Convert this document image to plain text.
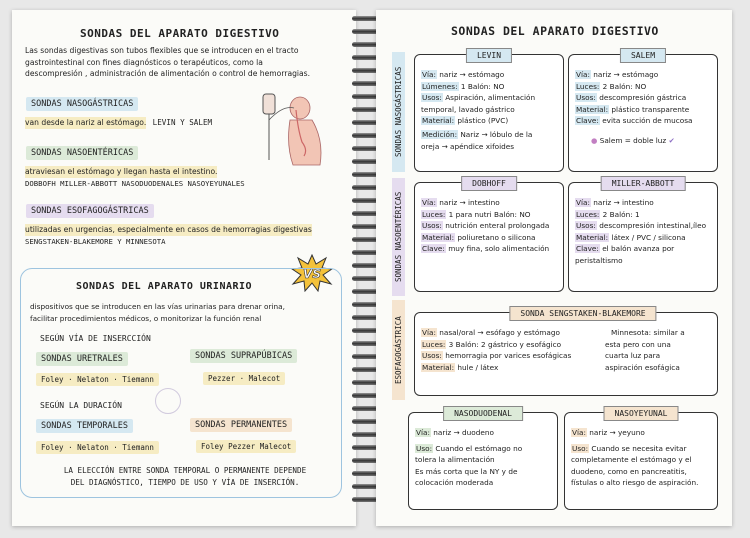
SONDAS DEL APARATO DIGESTIVO
Las sondas digestivas son tubos flexibles que se introducen en el tracto
gastrointestinal con fines diagnósticos o terapéuticos, como la
descompresión , administración de alimentación o control de hemorragias.
SONDAS NASOGÁSTRICAS
van desde la nariz al estómago. LEVIN Y SALEM
SONDAS NASOENTÉRICAS
atraviesan el estómago y llegan hasta el intestino.
DOBBOFH MILLER-ABBOTT NASODUODENALES NASOYEYUNALES
SONDAS ESOFAGOGÁSTRICAS
utilizadas en urgencias, especialmente en casos de hemorragias digestivas
SENGSTAKEN-BLAKEMORE Y MINNESOTA
VS
SONDAS DEL APARATO URINARIO
dispositivos que se introducen en las vías urinarias para drenar orina,
facilitar procedimientos médicos, o monitorizar la función renal
SEGÚN VÍA DE INSERCCIÓN
SONDAS URETRALES
Foley · Nelaton · Tiemann
SONDAS SUPRAPÚBICAS
Pezzer · Malecot
SEGÚN LA DURACIÓN
SONDAS TEMPORALES
Foley · Nelaton · Tiemann
SONDAS PERMANENTES
Foley Pezzer Malecot
LA ELECCIÓN ENTRE SONDA TEMPORAL O PERMANENTE DEPENDE
DEL DIAGNÓSTICO, TIEMPO DE USO Y VÍA DE INSERCIÓN.
SONDAS DEL APARATO DIGESTIVO
SONDAS NASOGÁSTRICAS
SONDAS NASOENTÉRICAS
ESOFAGOGÁSTRICA
LEVIN
Vía: nariz → estómago
Lúmenes: 1 Balón: NO
Usos: Aspiración, alimentación
temporal, lavado gástrico
Material: plástico (PVC)
Medición: Nariz → lóbulo de la
oreja → apéndice xifoides
SALEM
Vía: nariz → estómago
Luces: 2 Balón: NO
Usos: descompresión gástrica
Material: plástico transparente
Clave: evita succión de mucosa
● Salem = doble luz ✔
DOBHOFF
Vía: nariz → intestino
Luces: 1 para nutri Balón: NO
Usos: nutrición enteral prolongada
Material: poliuretano o silicona
Clave: muy fina, solo alimentación
MILLER-ABBOTT
Vía: nariz → intestino
Luces: 2 Balón: 1
Usos: descompresión intestinal,íleo
Material: látex / PVC / silicona
Clave: el balón avanza por
peristaltismo
SONDA SENGSTAKEN-BLAKEMORE
Vía: nasal/oral → esófago y estómago
Luces: 3 Balón: 2 gástrico y esofágico
Usos: hemorragia por varices esofágicas
Material: hule / látex
Minnesota: similar a
esta pero con una
cuarta luz para
aspiración esofágica
NASODUODENAL
Vía: nariz → duodeno
Uso: Cuando el estómago no
tolera la alimentación
Es más corta que la NY y de
colocación moderada
NASOYEYUNAL
Vía: nariz → yeyuno
Uso: Cuando se necesita evitar
completamente el estómago y el
duodeno, como en pancreatitis,
fístulas o alto riesgo de aspiración.
